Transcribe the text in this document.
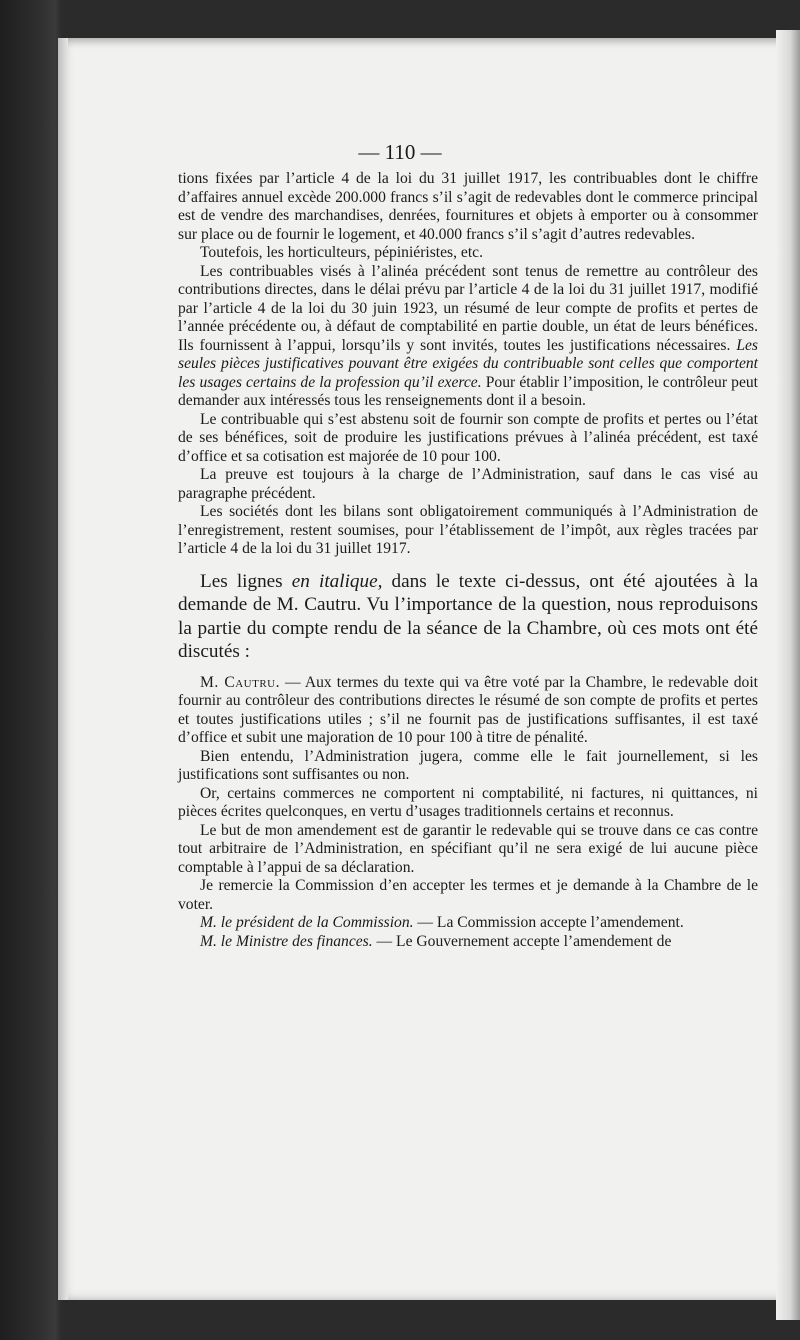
— 110 —

tions fixées par l’article 4 de la loi du 31 juillet 1917, les contribuables dont le chiffre d’affaires annuel excède 200.000 francs s’il s’agit de redevables dont le commerce principal est de vendre des marchandises, denrées, fournitures et objets à emporter ou à consommer sur place ou de fournir le logement, et 40.000 francs s’il s’agit d’autres redevables.

Toutefois, les horticulteurs, pépiniéristes, etc.

Les contribuables visés à l’alinéa précédent sont tenus de remettre au contrôleur des contributions directes, dans le délai prévu par l’article 4 de la loi du 31 juillet 1917, modifié par l’article 4 de la loi du 30 juin 1923, un résumé de leur compte de profits et pertes de l’année précédente ou, à défaut de comptabilité en partie double, un état de leurs bénéfices. Ils fournissent à l’appui, lorsqu’ils y sont invités, toutes les justifications nécessaires. Les seules pièces justificatives pouvant être exigées du contribuable sont celles que comportent les usages certains de la profession qu’il exerce. Pour établir l’imposition, le contrôleur peut demander aux intéressés tous les renseignements dont il a besoin.

Le contribuable qui s’est abstenu soit de fournir son compte de profits et pertes ou l’état de ses bénéfices, soit de produire les justifications prévues à l’alinéa précédent, est taxé d’office et sa cotisation est majorée de 10 pour 100.

La preuve est toujours à la charge de l’Administration, sauf dans le cas visé au paragraphe précédent.

Les sociétés dont les bilans sont obligatoirement communiqués à l’Administration de l’enregistrement, restent soumises, pour l’établissement de l’impôt, aux règles tracées par l’article 4 de la loi du 31 juillet 1917.

Les lignes en italique, dans le texte ci-dessus, ont été ajoutées à la demande de M. Cautru. Vu l’importance de la question, nous reproduisons la partie du compte rendu de la séance de la Chambre, où ces mots ont été discutés :

M. Cautru. — Aux termes du texte qui va être voté par la Chambre, le redevable doit fournir au contrôleur des contributions directes le résumé de son compte de profits et pertes et toutes justifications utiles ; s’il ne fournit pas de justifications suffisantes, il est taxé d’office et subit une majoration de 10 pour 100 à titre de pénalité.

Bien entendu, l’Administration jugera, comme elle le fait journellement, si les justifications sont suffisantes ou non.

Or, certains commerces ne comportent ni comptabilité, ni factures, ni quittances, ni pièces écrites quelconques, en vertu d’usages traditionnels certains et reconnus.

Le but de mon amendement est de garantir le redevable qui se trouve dans ce cas contre tout arbitraire de l’Administration, en spécifiant qu’il ne sera exigé de lui aucune pièce comptable à l’appui de sa déclaration.

Je remercie la Commission d’en accepter les termes et je demande à la Chambre de le voter.

M. le président de la Commission. — La Commission accepte l’amendement.

M. le Ministre des finances. — Le Gouvernement accepte l’amendement de
